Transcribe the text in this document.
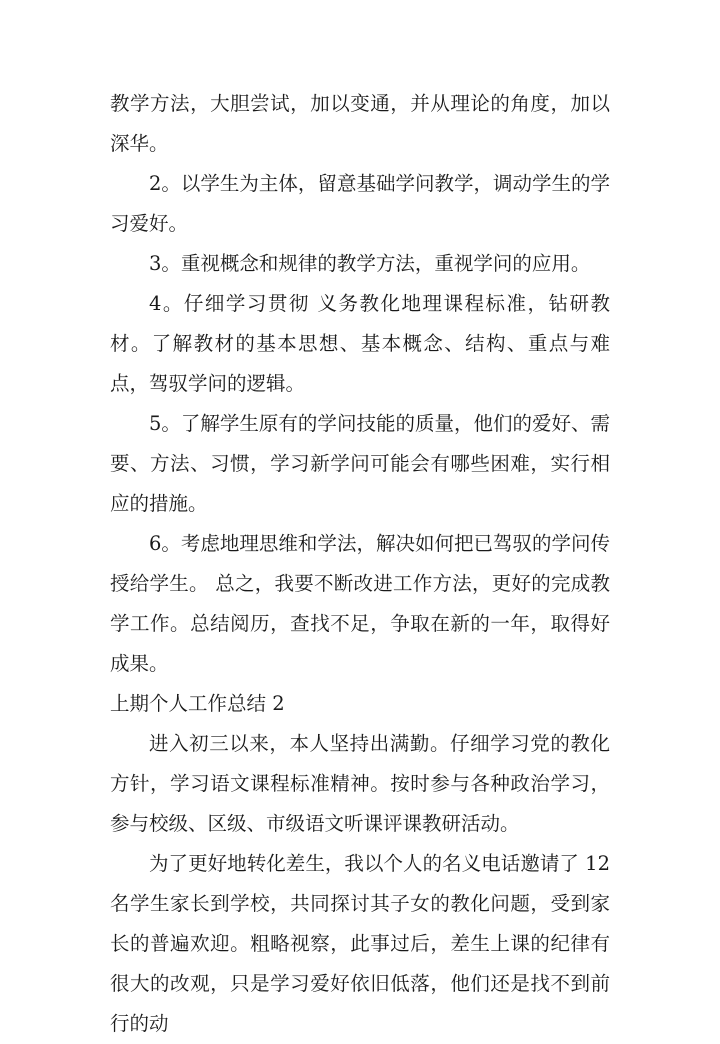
教学方法，大胆尝试，加以变通，并从理论的角度，加以深华。

2。以学生为主体，留意基础学问教学，调动学生的学习爱好。

3。重视概念和规律的教学方法，重视学问的应用。

4。仔细学习贯彻 义务教化地理课程标准，钻研教材。了解教材的基本思想、基本概念、结构、重点与难点，驾驭学问的逻辑。

5。了解学生原有的学问技能的质量，他们的爱好、需要、方法、习惯，学习新学问可能会有哪些困难，实行相应的措施。

6。考虑地理思维和学法，解决如何把已驾驭的学问传授给学生。 总之，我要不断改进工作方法，更好的完成教学工作。总结阅历，查找不足，争取在新的一年，取得好成果。

上期个人工作总结 2

进入初三以来，本人坚持出满勤。仔细学习党的教化方针，学习语文课程标准精神。按时参与各种政治学习，参与校级、区级、市级语文听课评课教研活动。

为了更好地转化差生，我以个人的名义电话邀请了 12 名学生家长到学校，共同探讨其子女的教化问题，受到家长的普遍欢迎。粗略视察，此事过后，差生上课的纪律有很大的改观，只是学习爱好依旧低落，他们还是找不到前行的动
